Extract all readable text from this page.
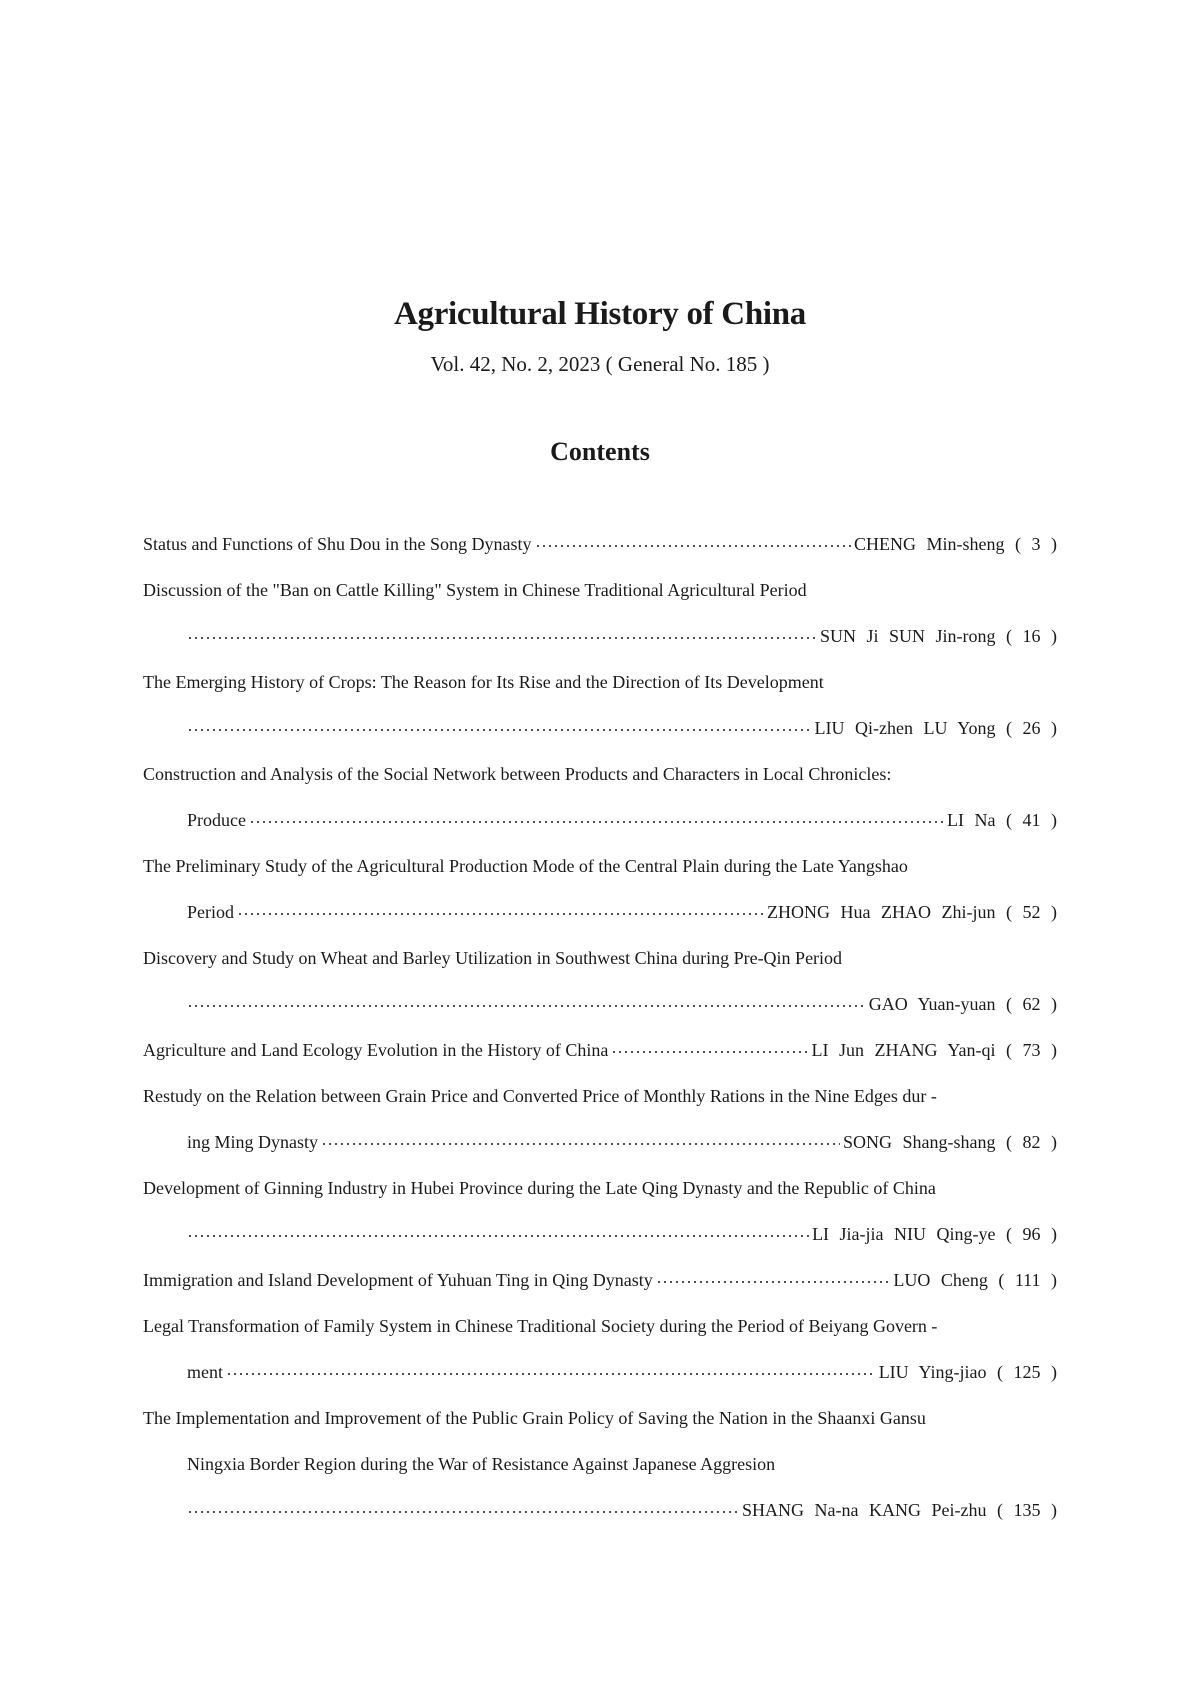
Agricultural History of China
Vol. 42, No. 2, 2023 ( General No. 185 )
Contents
Status and Functions of Shu Dou in the Song Dynasty	CHENG Min-sheng ( 3 )
Discussion of the "Ban on Cattle Killing" System in Chinese Traditional Agricultural Period
SUN Ji SUN Jin-rong ( 16 )
The Emerging History of Crops: The Reason for Its Rise and the Direction of Its Development
LIU Qi-zhen LU Yong ( 26 )
Construction and Analysis of the Social Network between Products and Characters in Local Chronicles:
Produce	LI Na ( 41 )
The Preliminary Study of the Agricultural Production Mode of the Central Plain during the Late Yangshao
Period	ZHONG Hua ZHAO Zhi-jun ( 52 )
Discovery and Study on Wheat and Barley Utilization in Southwest China during Pre-Qin Period
GAO Yuan-yuan ( 62 )
Agriculture and Land Ecology Evolution in the History of China	LI Jun ZHANG Yan-qi ( 73 )
Restudy on the Relation between Grain Price and Converted Price of Monthly Rations in the Nine Edges dur -
ing Ming Dynasty	SONG Shang-shang ( 82 )
Development of Ginning Industry in Hubei Province during the Late Qing Dynasty and the Republic of China
LI Jia-jia NIU Qing-ye ( 96 )
Immigration and Island Development of Yuhuan Ting in Qing Dynasty	LUO Cheng ( 111 )
Legal Transformation of Family System in Chinese Traditional Society during the Period of Beiyang Govern -
ment	LIU Ying-jiao ( 125 )
The Implementation and Improvement of the Public Grain Policy of Saving the Nation in the Shaanxi Gansu
Ningxia Border Region during the War of Resistance Against Japanese Aggresion
SHANG Na-na KANG Pei-zhu ( 135 )
